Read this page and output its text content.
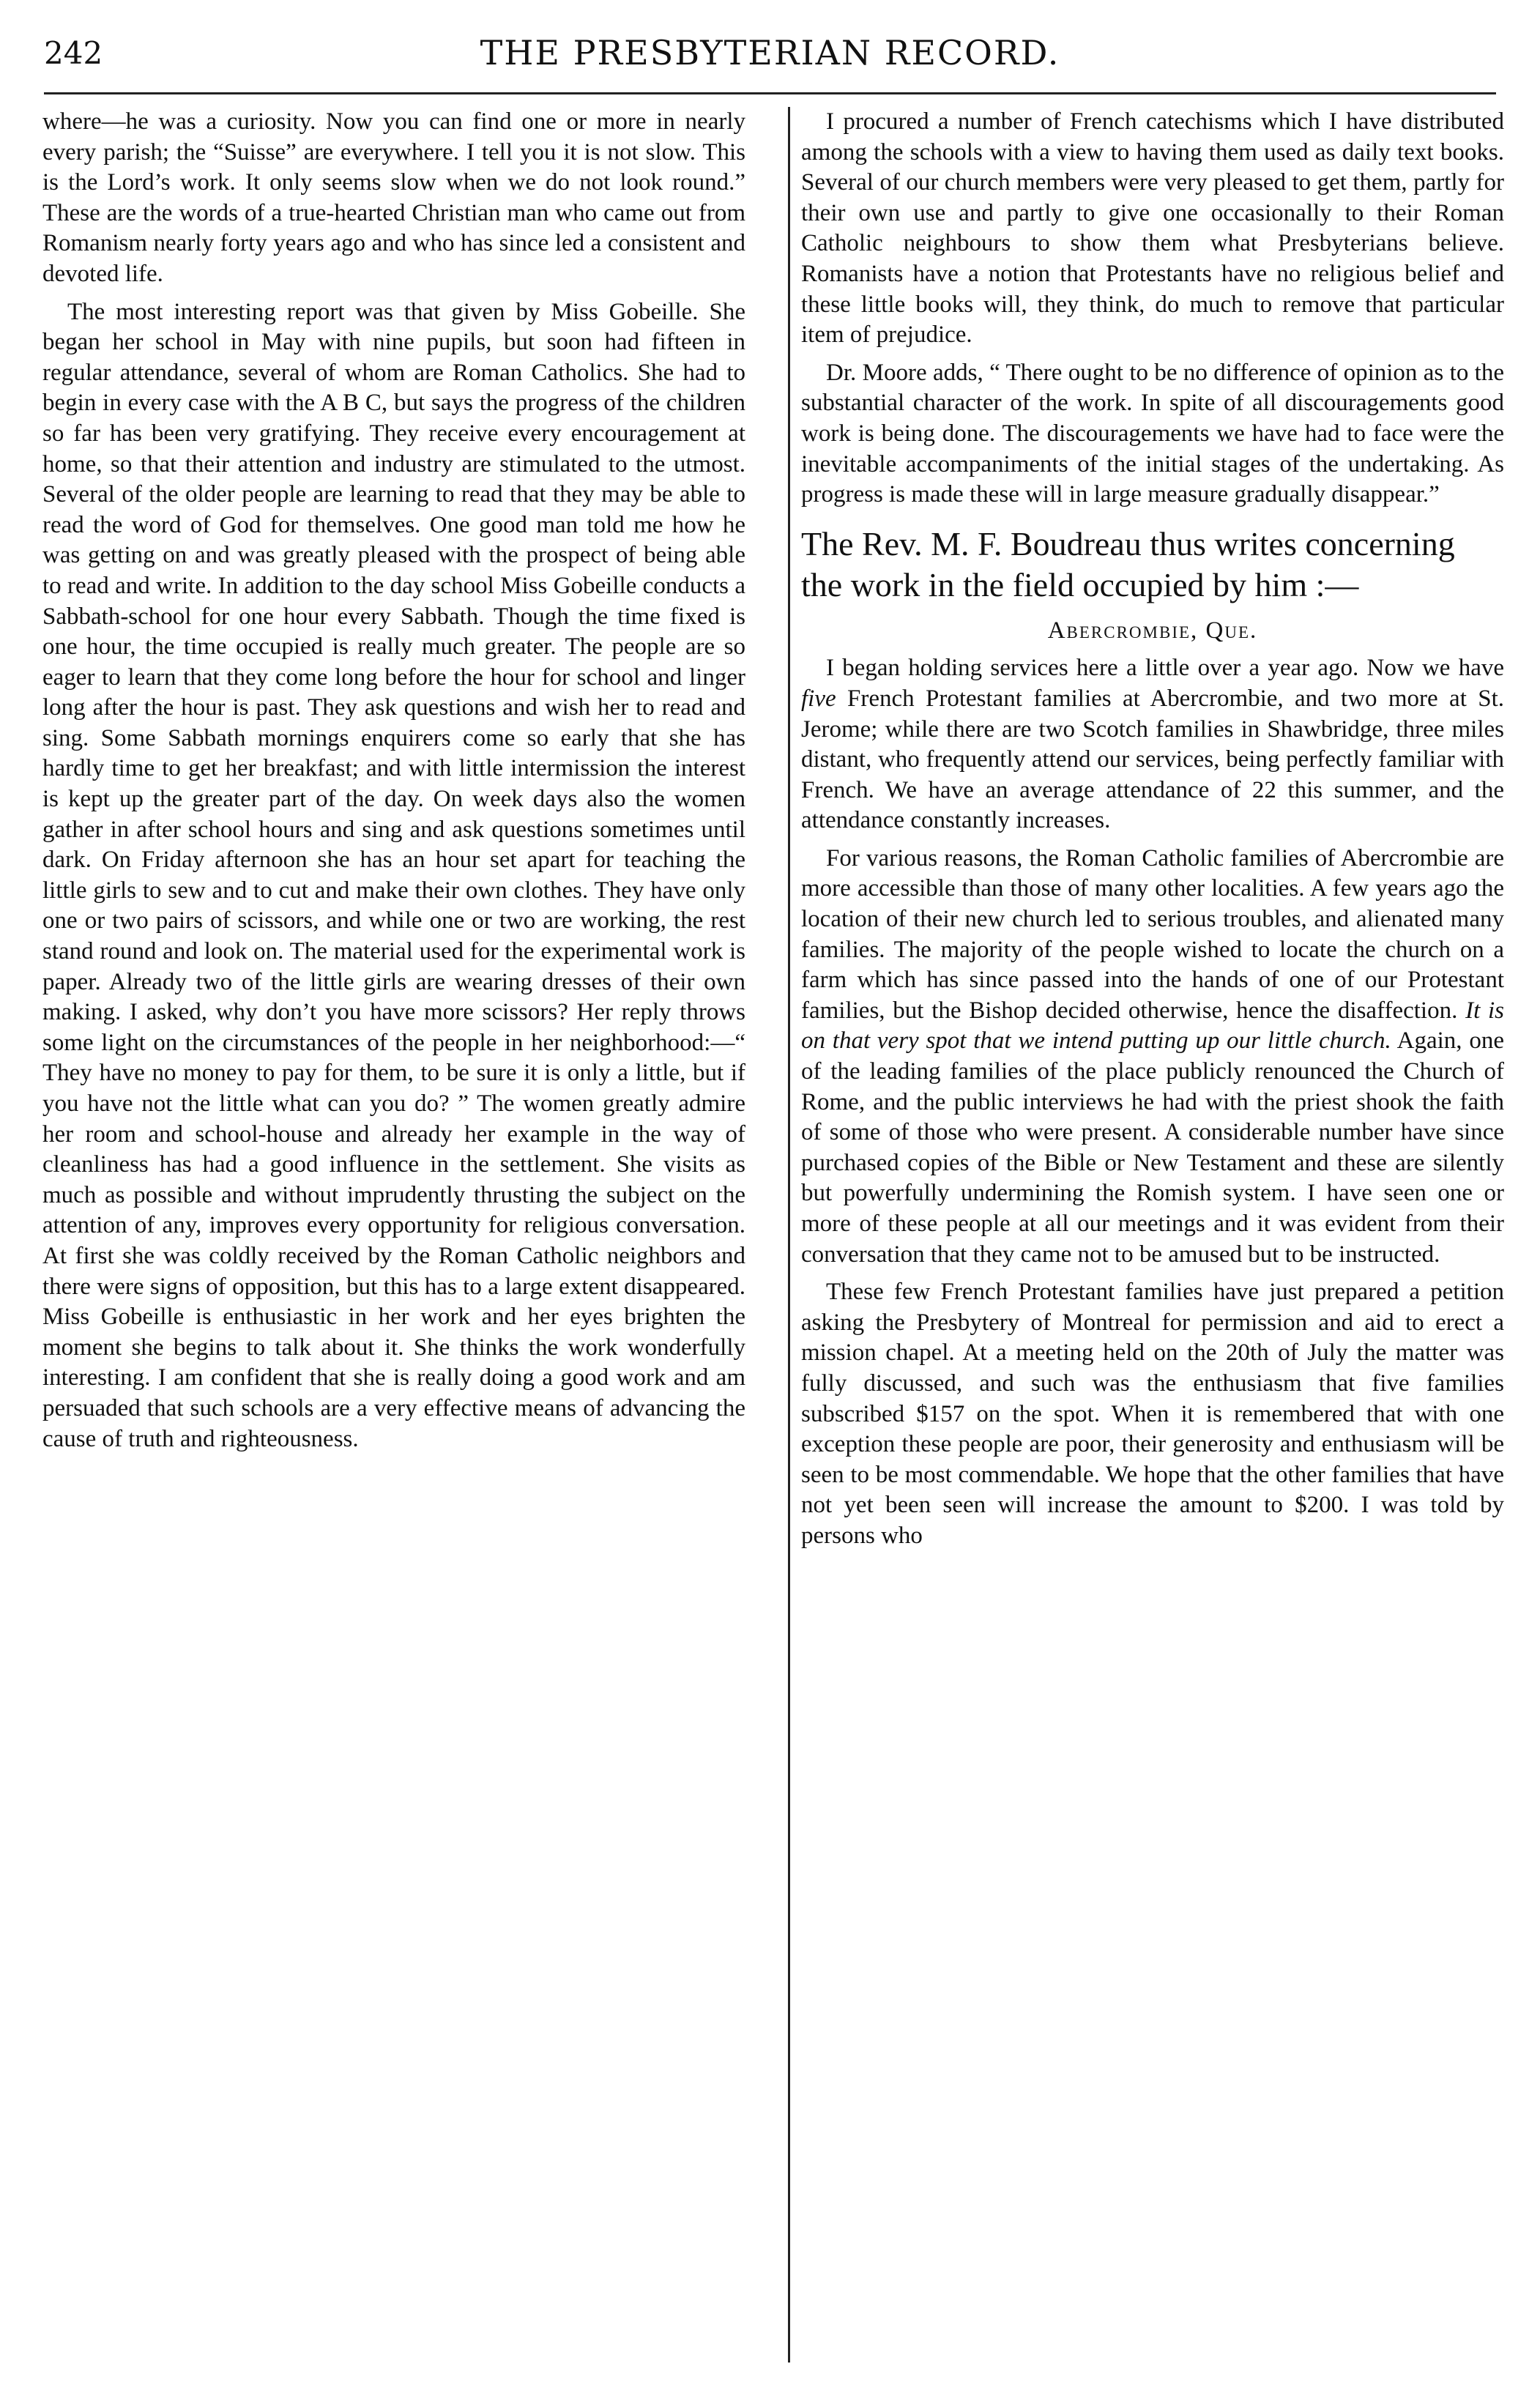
242	THE PRESBYTERIAN RECORD.

where—he was a curiosity. Now you can find one or more in nearly every parish; the “Suisse” are everywhere. I tell you it is not slow. This is the Lord’s work. It only seems slow when we do not look round.” These are the words of a true-hearted Christian man who came out from Romanism nearly forty years ago and who has since led a consistent and devoted life.

The most interesting report was that given by Miss Gobeille. She began her school in May with nine pupils, but soon had fifteen in regular attendance, several of whom are Roman Catholics. She had to begin in every case with the A B C, but says the progress of the children so far has been very gratifying. They receive every encouragement at home, so that their attention and industry are stimulated to the utmost. Several of the older people are learning to read that they may be able to read the word of God for themselves. One good man told me how he was getting on and was greatly pleased with the prospect of being able to read and write. In addition to the day school Miss Gobeille conducts a Sabbath-school for one hour every Sabbath. Though the time fixed is one hour, the time occupied is really much greater. The people are so eager to learn that they come long before the hour for school and linger long after the hour is past. They ask questions and wish her to read and sing. Some Sabbath mornings enquirers come so early that she has hardly time to get her breakfast; and with little intermission the interest is kept up the greater part of the day. On week days also the women gather in after school hours and sing and ask questions sometimes until dark. On Friday afternoon she has an hour set apart for teaching the little girls to sew and to cut and make their own clothes. They have only one or two pairs of scissors, and while one or two are working, the rest stand round and look on. The material used for the experimental work is paper. Already two of the little girls are wearing dresses of their own making. I asked, why don’t you have more scissors? Her reply throws some light on the circumstances of the people in her neighborhood:—“ They have no money to pay for them, to be sure it is only a little, but if you have not the little what can you do? ” The women greatly admire her room and school-house and already her example in the way of cleanliness has had a good influence in the settlement. She visits as much as possible and without imprudently thrusting the subject on the attention of any, improves every opportunity for religious conversation. At first she was coldly received by the Roman Catholic neighbors and there were signs of opposition, but this has to a large extent disappeared. Miss Gobeille is enthusiastic in her work and her eyes brighten the moment she begins to talk about it. She thinks the work wonderfully interesting. I am confident that she is really doing a good work and am persuaded that such schools are a very effective means of advancing the cause of truth and righteousness.

I procured a number of French catechisms which I have distributed among the schools with a view to having them used as daily text books. Several of our church members were very pleased to get them, partly for their own use and partly to give one occasionally to their Roman Catholic neighbours to show them what Presbyterians believe. Romanists have a notion that Protestants have no religious belief and these little books will, they think, do much to remove that particular item of prejudice.

Dr. Moore adds, “ There ought to be no difference of opinion as to the substantial character of the work. In spite of all discouragements good work is being done. The discouragements we have had to face were the inevitable accompaniments of the initial stages of the undertaking. As progress is made these will in large measure gradually disappear.”

The Rev. M. F. Boudreau thus writes concerning the work in the field occupied by him :—

Abercrombie, Que.

I began holding services here a little over a year ago. Now we have five French Protestant families at Abercrombie, and two more at St. Jerome; while there are two Scotch families in Shawbridge, three miles distant, who frequently attend our services, being perfectly familiar with French. We have an average attendance of 22 this summer, and the attendance constantly increases.

For various reasons, the Roman Catholic families of Abercrombie are more accessible than those of many other localities. A few years ago the location of their new church led to serious troubles, and alienated many families. The majority of the people wished to locate the church on a farm which has since passed into the hands of one of our Protestant families, but the Bishop decided otherwise, hence the disaffection. It is on that very spot that we intend putting up our little church. Again, one of the leading families of the place publicly renounced the Church of Rome, and the public interviews he had with the priest shook the faith of some of those who were present. A considerable number have since purchased copies of the Bible or New Testament and these are silently but powerfully undermining the Romish system. I have seen one or more of these people at all our meetings and it was evident from their conversation that they came not to be amused but to be instructed.

These few French Protestant families have just prepared a petition asking the Presbytery of Montreal for permission and aid to erect a mission chapel. At a meeting held on the 20th of July the matter was fully discussed, and such was the enthusiasm that five families subscribed $157 on the spot. When it is remembered that with one exception these people are poor, their generosity and enthusiasm will be seen to be most commendable. We hope that the other families that have not yet been seen will increase the amount to $200. I was told by persons who
